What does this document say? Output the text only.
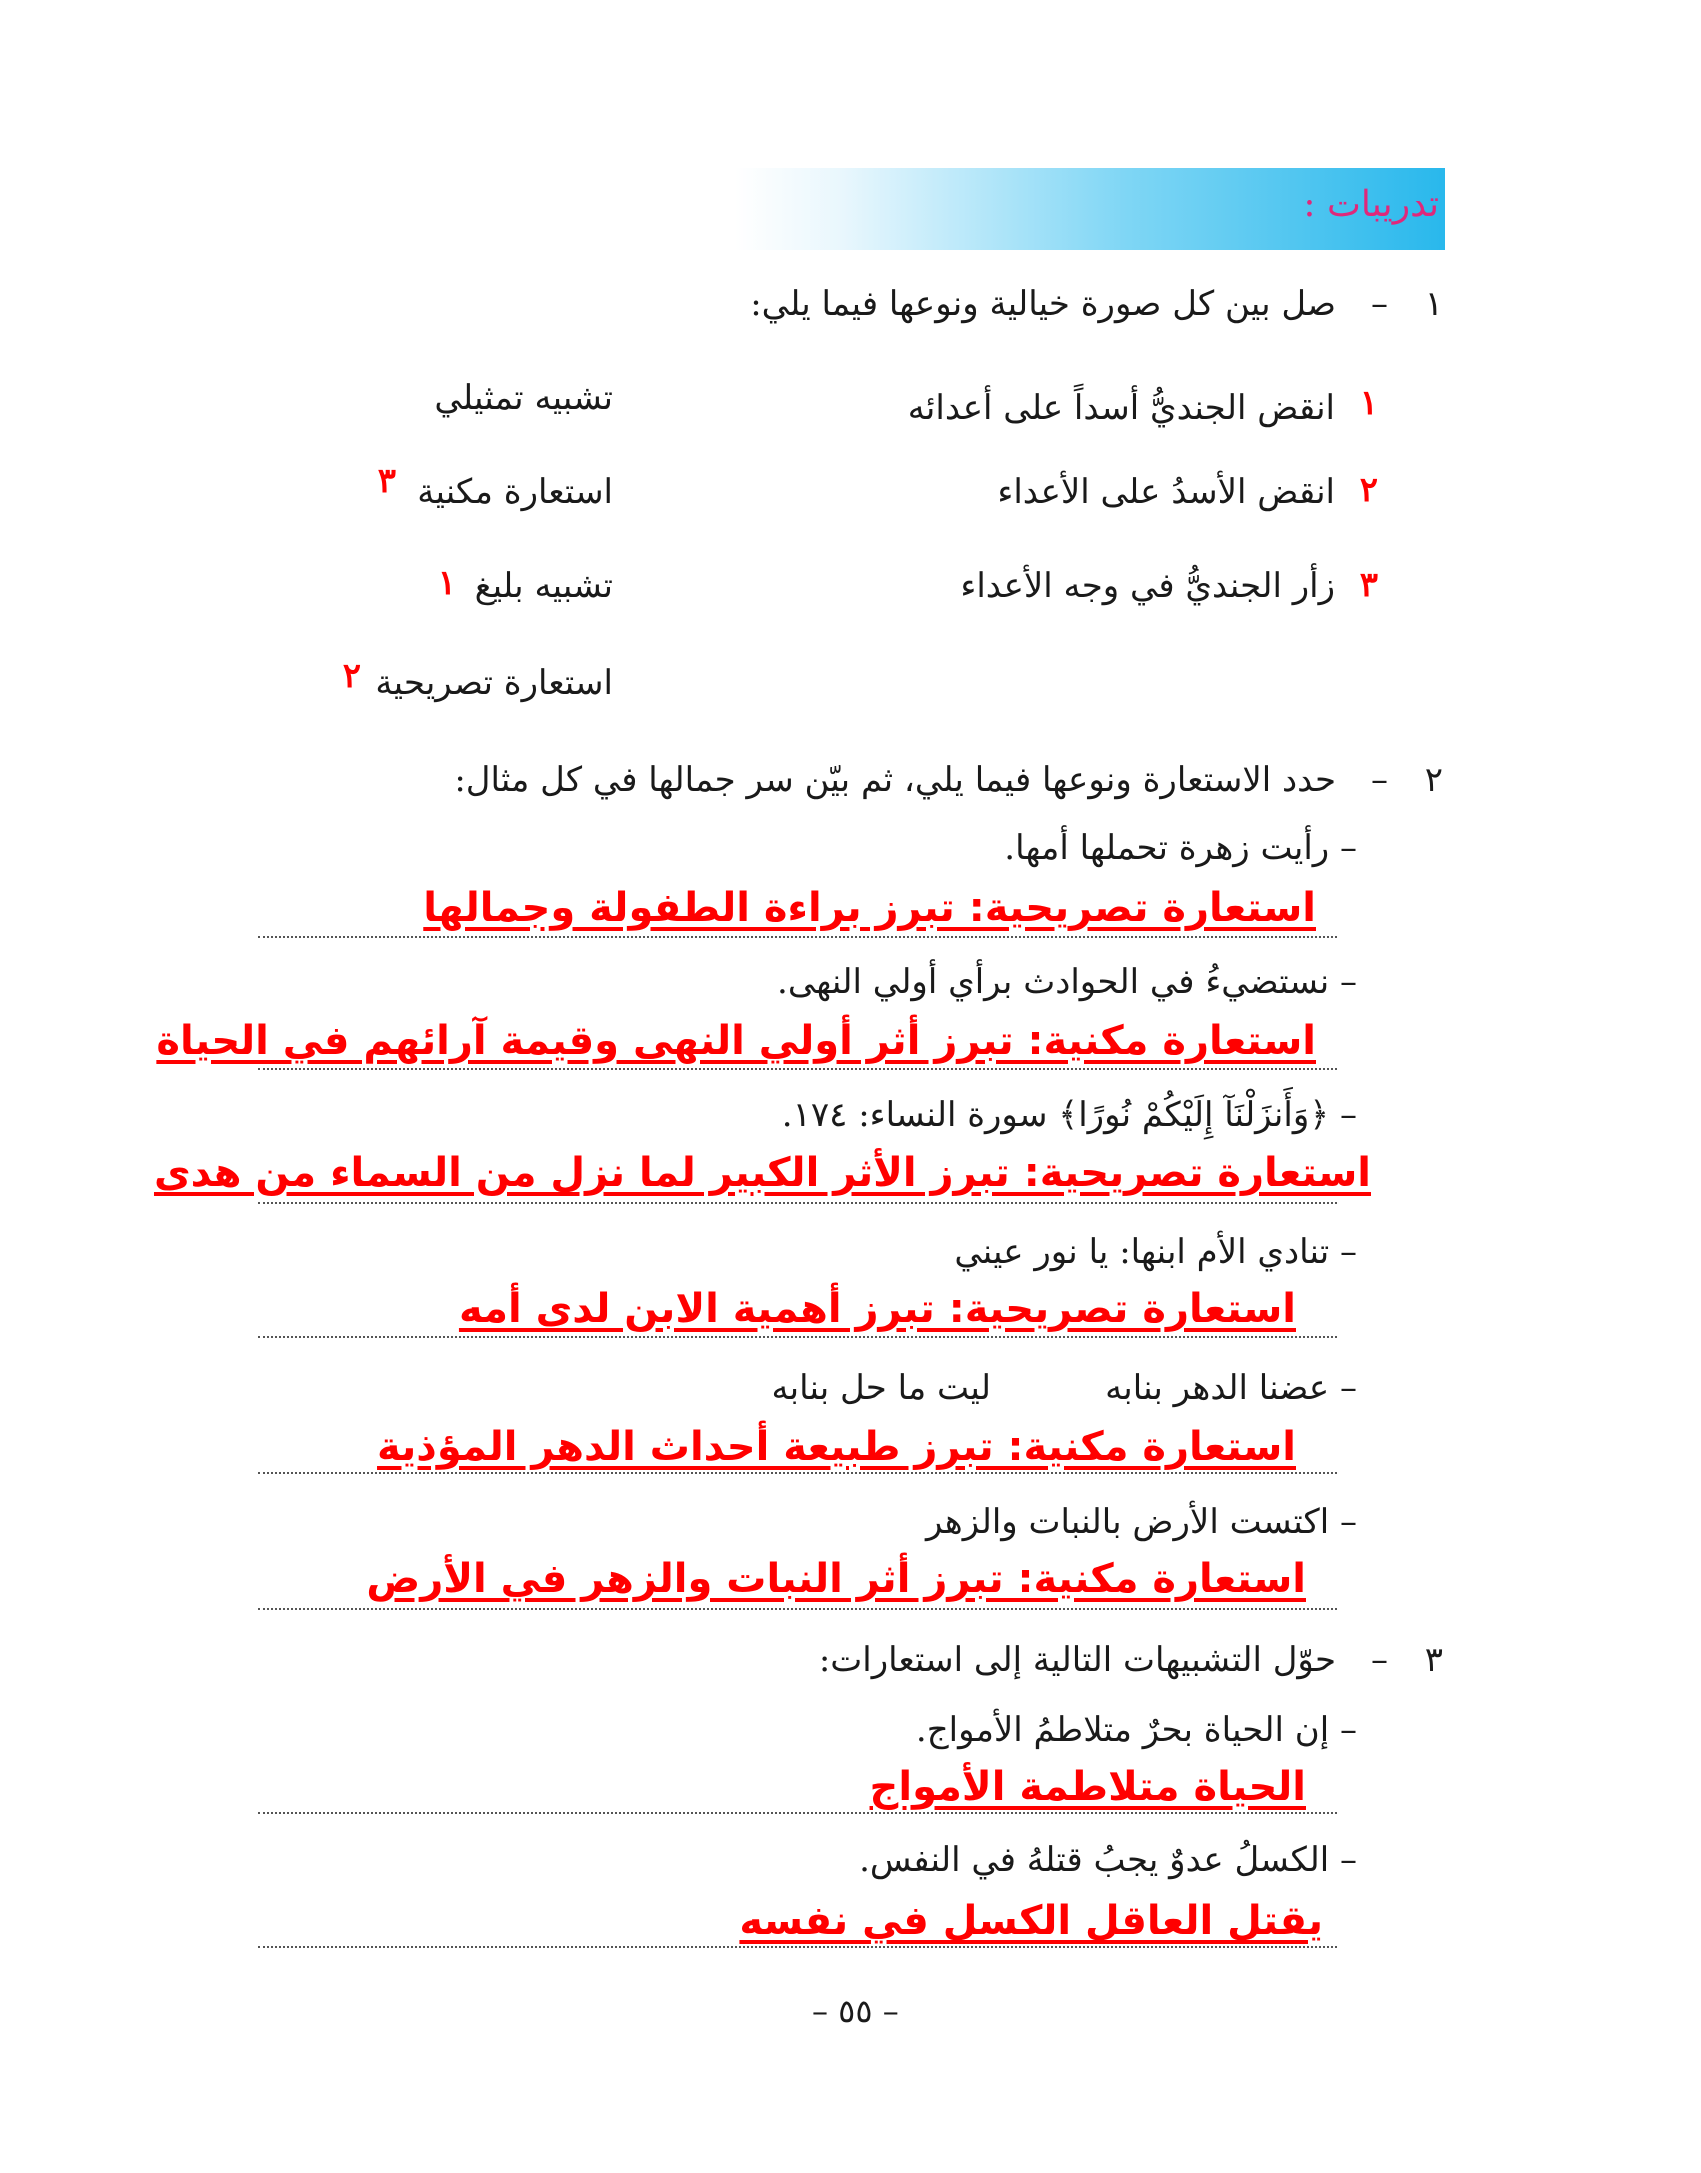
تدريبات :
١
–
صل بين كل صورة خيالية ونوعها فيما يلي:
١
انقض الجنديُّ أسداً على أعدائه
٢
انقض الأسدُ على الأعداء
٣
زأر الجنديُّ في وجه الأعداء
تشبيه تمثيلي
استعارة مكنية
٣
تشبيه بليغ
١
استعارة تصريحية
٢
٢
–
حدد الاستعارة ونوعها فيما يلي، ثم بيّن سر جمالها في كل مثال:
– رأيت زهرة تحملها أمها.
استعارة تصريحية: تبرز براءة الطفولة وجمالها
– نستضيءُ في الحوادث برأي أولي النهى.
استعارة مكنية: تبرز أثر أولي النهى وقيمة آرائهم في الحياة
– ﴿وَأَنزَلْنَآ إِلَيْكُمْ نُورًا﴾ سورة النساء: ١٧٤.
استعارة تصريحية: تبرز الأثر الكبير لما نزل من السماء من هدى
– تنادي الأم ابنها: يا نور عيني
استعارة تصريحية: تبرز أهمية الابن لدى أمه
– عضنا الدهر بنابه
ليت ما حل بنابه
استعارة مكنية: تبرز طبيعة أحداث الدهر المؤذية
– اكتست الأرض بالنبات والزهر
استعارة مكنية: تبرز أثر النبات والزهر في الأرض
٣
–
حوّل التشبيهات التالية إلى استعارات:
– إن الحياة بحرٌ متلاطمُ الأمواج.
الحياة متلاطمة الأمواج
– الكسلُ عدوٌ يجبُ قتلهُ في النفس.
يقتل العاقل الكسل في نفسه
– ٥٥ –
